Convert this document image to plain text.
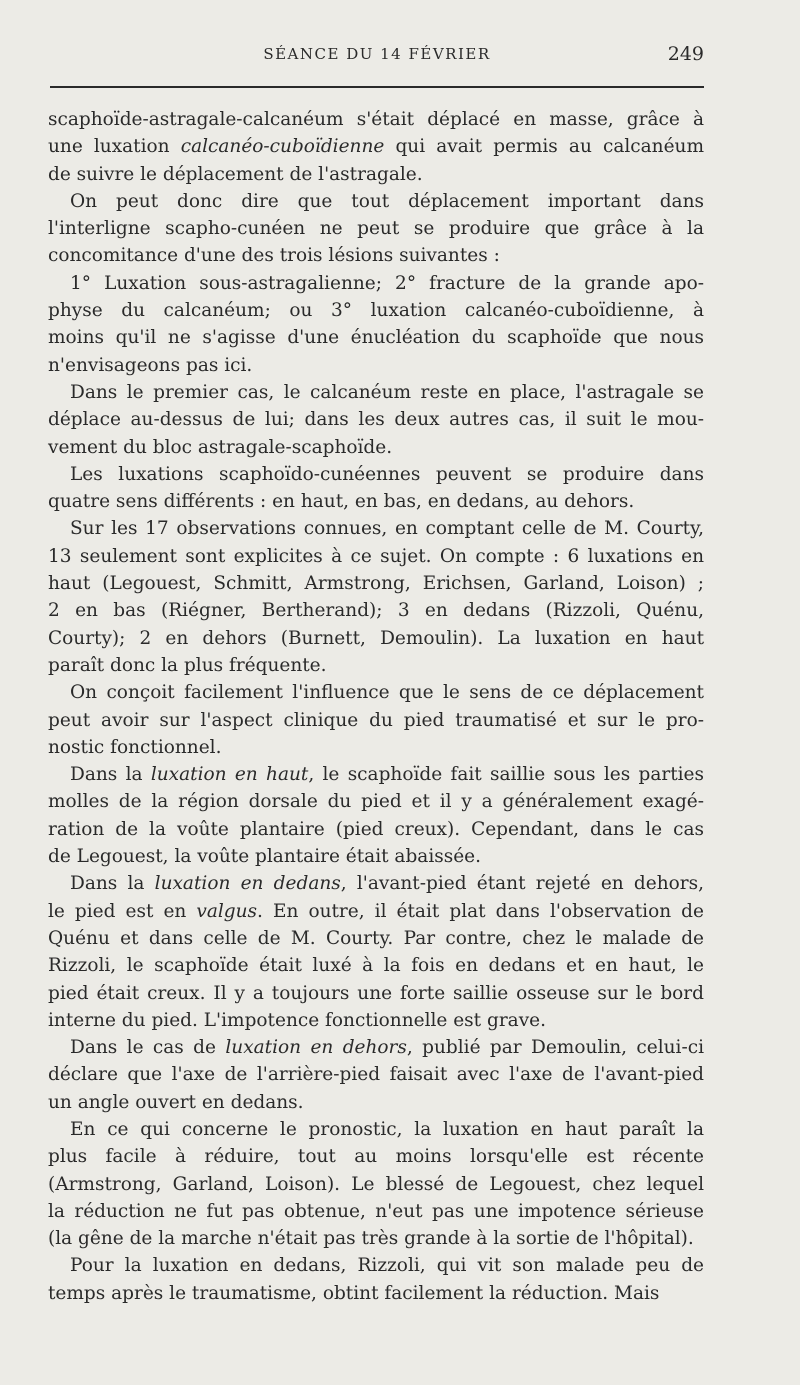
SÉANCE DU 14 FÉVRIER	249
scaphoïde-astragale-calcanéum s'était déplacé en masse, grâce à
une luxation calcanéo-cuboïdienne qui avait permis au calcanéum
de suivre le déplacement de l'astragale.
On peut donc dire que tout déplacement important dans
l'interligne scapho-cunéen ne peut se produire que grâce à la
concomitance d'une des trois lésions suivantes :
1° Luxation sous-astragalienne; 2° fracture de la grande apo-
physe du calcanéum; ou 3° luxation calcanéo-cuboïdienne, à
moins qu'il ne s'agisse d'une énucléation du scaphoïde que nous
n'envisageons pas ici.
Dans le premier cas, le calcanéum reste en place, l'astragale se
déplace au-dessus de lui; dans les deux autres cas, il suit le mou-
vement du bloc astragale-scaphoïde.
Les luxations scaphoïdo-cunéennes peuvent se produire dans
quatre sens différents : en haut, en bas, en dedans, au dehors.
Sur les 17 observations connues, en comptant celle de M. Courty,
13 seulement sont explicites à ce sujet. On compte : 6 luxations en
haut (Legouest, Schmitt, Armstrong, Erichsen, Garland, Loison) ;
2 en bas (Riégner, Bertherand); 3 en dedans (Rizzoli, Quénu,
Courty); 2 en dehors (Burnett, Demoulin). La luxation en haut
paraît donc la plus fréquente.
On conçoit facilement l'influence que le sens de ce déplacement
peut avoir sur l'aspect clinique du pied traumatisé et sur le pro-
nostic fonctionnel.
Dans la luxation en haut, le scaphoïde fait saillie sous les parties
molles de la région dorsale du pied et il y a généralement exagé-
ration de la voûte plantaire (pied creux). Cependant, dans le cas
de Legouest, la voûte plantaire était abaissée.
Dans la luxation en dedans, l'avant-pied étant rejeté en dehors,
le pied est en valgus. En outre, il était plat dans l'observation de
Quénu et dans celle de M. Courty. Par contre, chez le malade de
Rizzoli, le scaphoïde était luxé à la fois en dedans et en haut, le
pied était creux. Il y a toujours une forte saillie osseuse sur le bord
interne du pied. L'impotence fonctionnelle est grave.
Dans le cas de luxation en dehors, publié par Demoulin, celui-ci
déclare que l'axe de l'arrière-pied faisait avec l'axe de l'avant-pied
un angle ouvert en dedans.
En ce qui concerne le pronostic, la luxation en haut paraît la
plus facile à réduire, tout au moins lorsqu'elle est récente
(Armstrong, Garland, Loison). Le blessé de Legouest, chez lequel
la réduction ne fut pas obtenue, n'eut pas une impotence sérieuse
(la gêne de la marche n'était pas très grande à la sortie de l'hôpital).
Pour la luxation en dedans, Rizzoli, qui vit son malade peu de
temps après le traumatisme, obtint facilement la réduction. Mais
